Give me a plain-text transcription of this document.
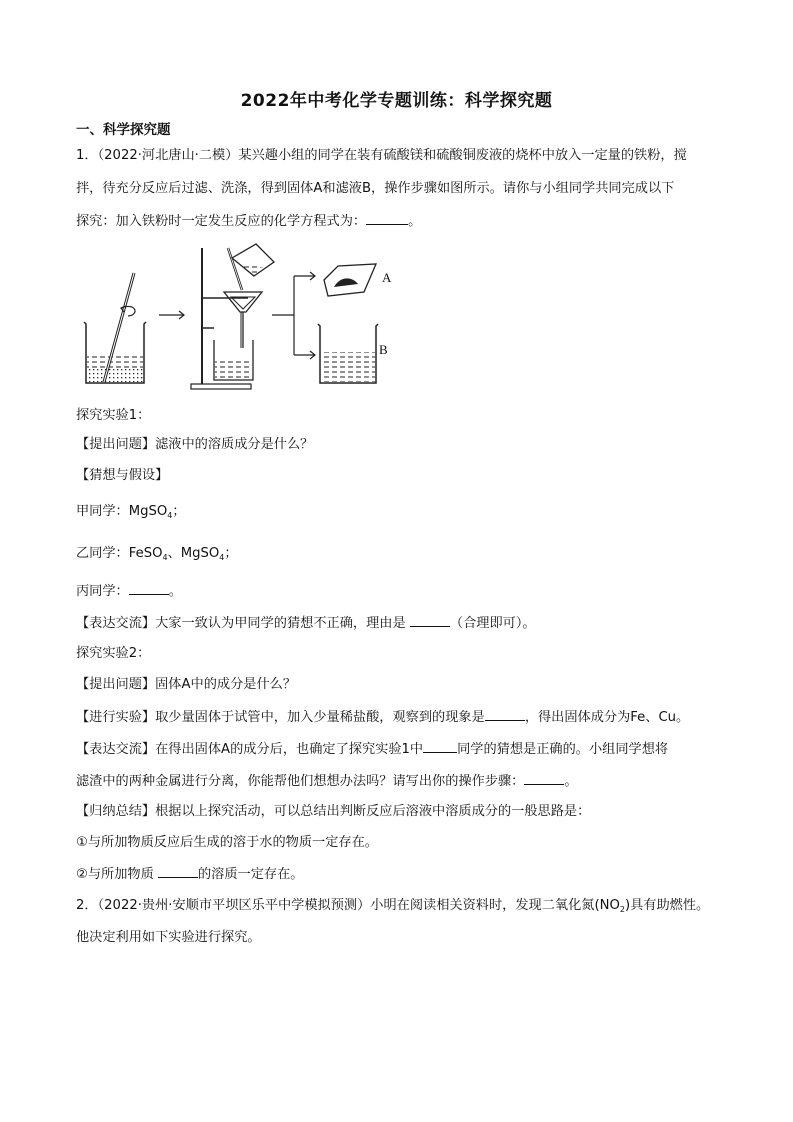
2022年中考化学专题训练：科学探究题
一、科学探究题
1．（2022·河北唐山·二模）某兴趣小组的同学在装有硫酸镁和硫酸铜废液的烧杯中放入一定量的铁粉，搅
拌，待充分反应后过滤、洗涤，得到固体A和滤液B，操作步骤如图所示。请你与小组同学共同完成以下
探究：加入铁粉时一定发生反应的化学方程式为：	。
A
B
探究实验1：
【提出问题】滤液中的溶质成分是什么？
【猜想与假设】
甲同学：MgSO$_4$；
乙同学：FeSO$_4$、MgSO$_4$；
丙同学：	。
【表达交流】大家一致认为甲同学的猜想不正确，理由是	（合理即可）。
探究实验2：
【提出问题】固体A中的成分是什么？
【进行实验】取少量固体于试管中，加入少量稀盐酸，观察到的现象是	，得出固体成分为Fe、Cu。
【表达交流】在得出固体A的成分后，也确定了探究实验1中	同学的猜想是正确的。小组同学想将
滤渣中的两种金属进行分离，你能帮他们想想办法吗？请写出你的操作步骤：	。
【归纳总结】根据以上探究活动，可以总结出判断反应后溶液中溶质成分的一般思路是：
①与所加物质反应后生成的溶于水的物质一定存在。
②与所加物质	的溶质一定存在。
2．（2022·贵州·安顺市平坝区乐平中学模拟预测）小明在阅读相关资料时，发现二氧化氮$(NO_2)$具有助燃性。
他决定利用如下实验进行探究。
